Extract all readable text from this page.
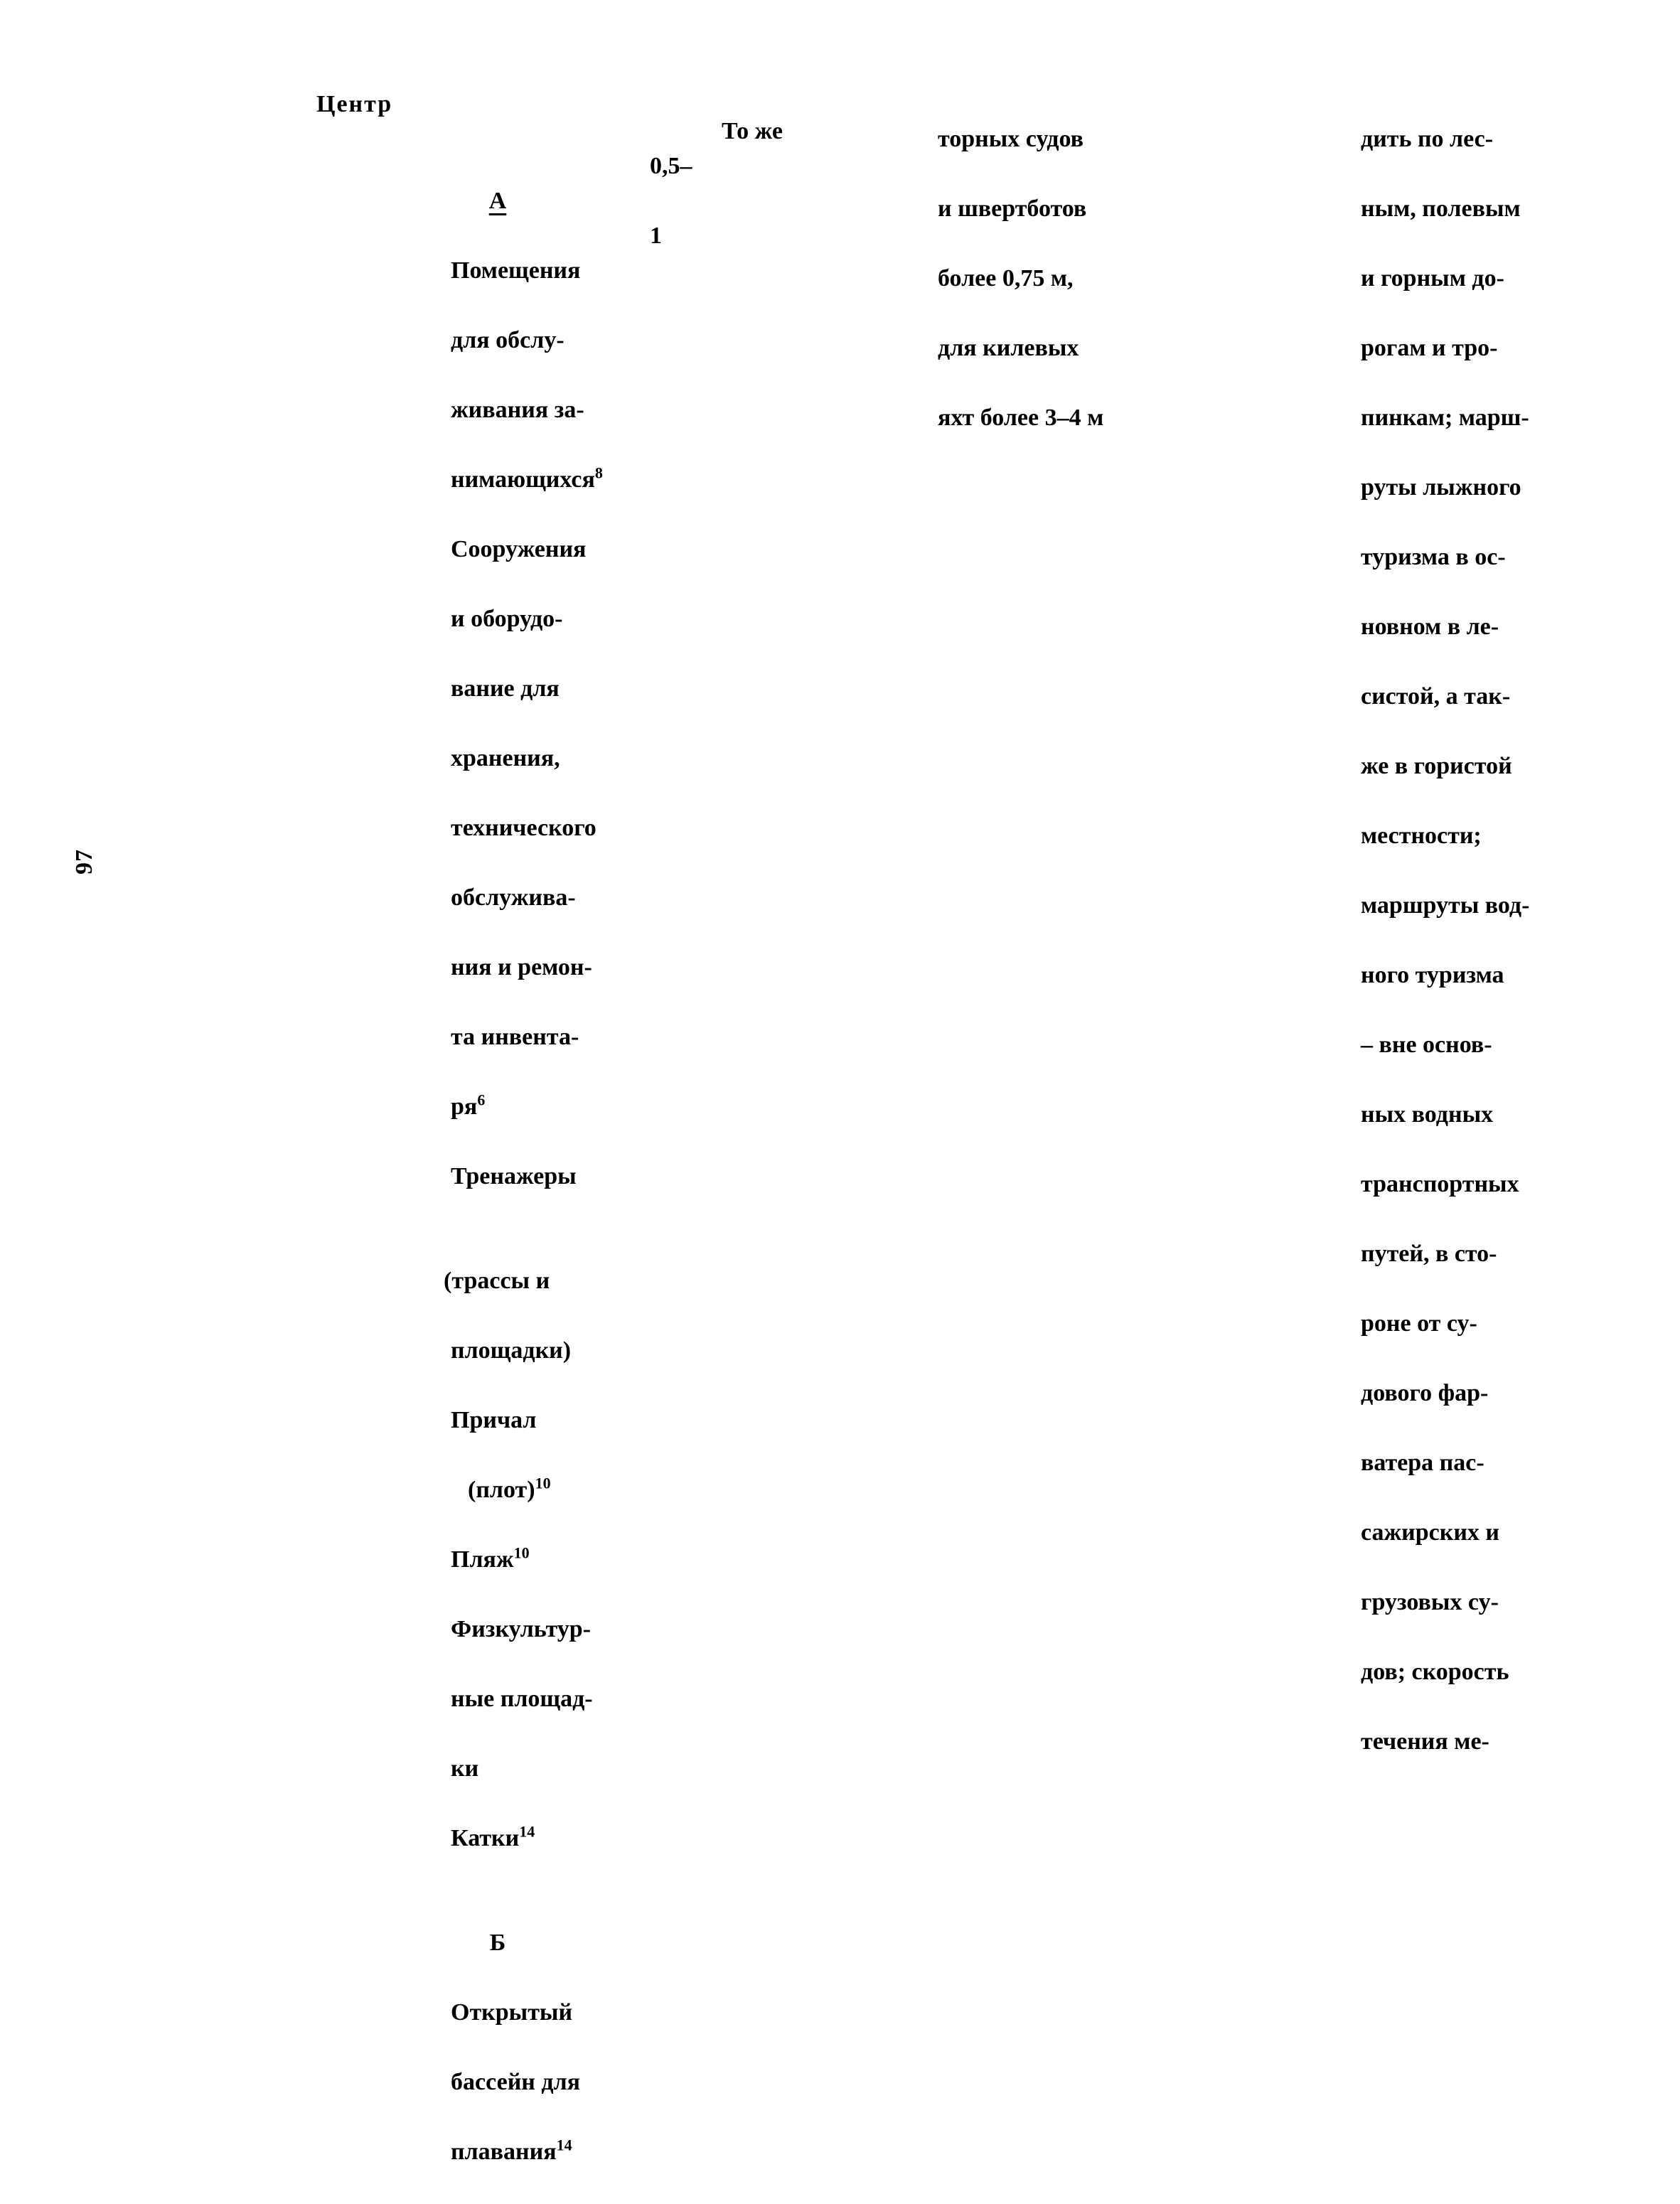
97
Центр

А

Помещения

для обслу-

живания за-

нимающихся$^8$

Сооружения

и оборудо-

вание для

хранения,

технического

обслужива-

ния и ремон-

та инвента-

$ря^6$

Тренажеры

(трассы и

площадки)

Причал

(плот)$^{10}$

Пляж$^{10}$

Физкультур-

ные площад-

ки

Катки$^{14}$

Б

Открытый

бассейн для

плавания$^{14}$

0,5–

1

То же	торных судов

и швертботов

более 0,75 м,

для килевых

яхт более 3–4 м

дить по лес-

ным, полевым

и горным до-

рогам и тро-

пинкам; марш-

руты лыжного

туризма в ос-

новном в ле-

систой, а так-

же в гористой

местности;

маршруты вод-

ного туризма

– вне основ-

ных водных

транспортных

путей, в сто-

роне от су-

дового фар-

ватера пас-

сажирских и

грузовых су-

дов; скорость

течения ме-
